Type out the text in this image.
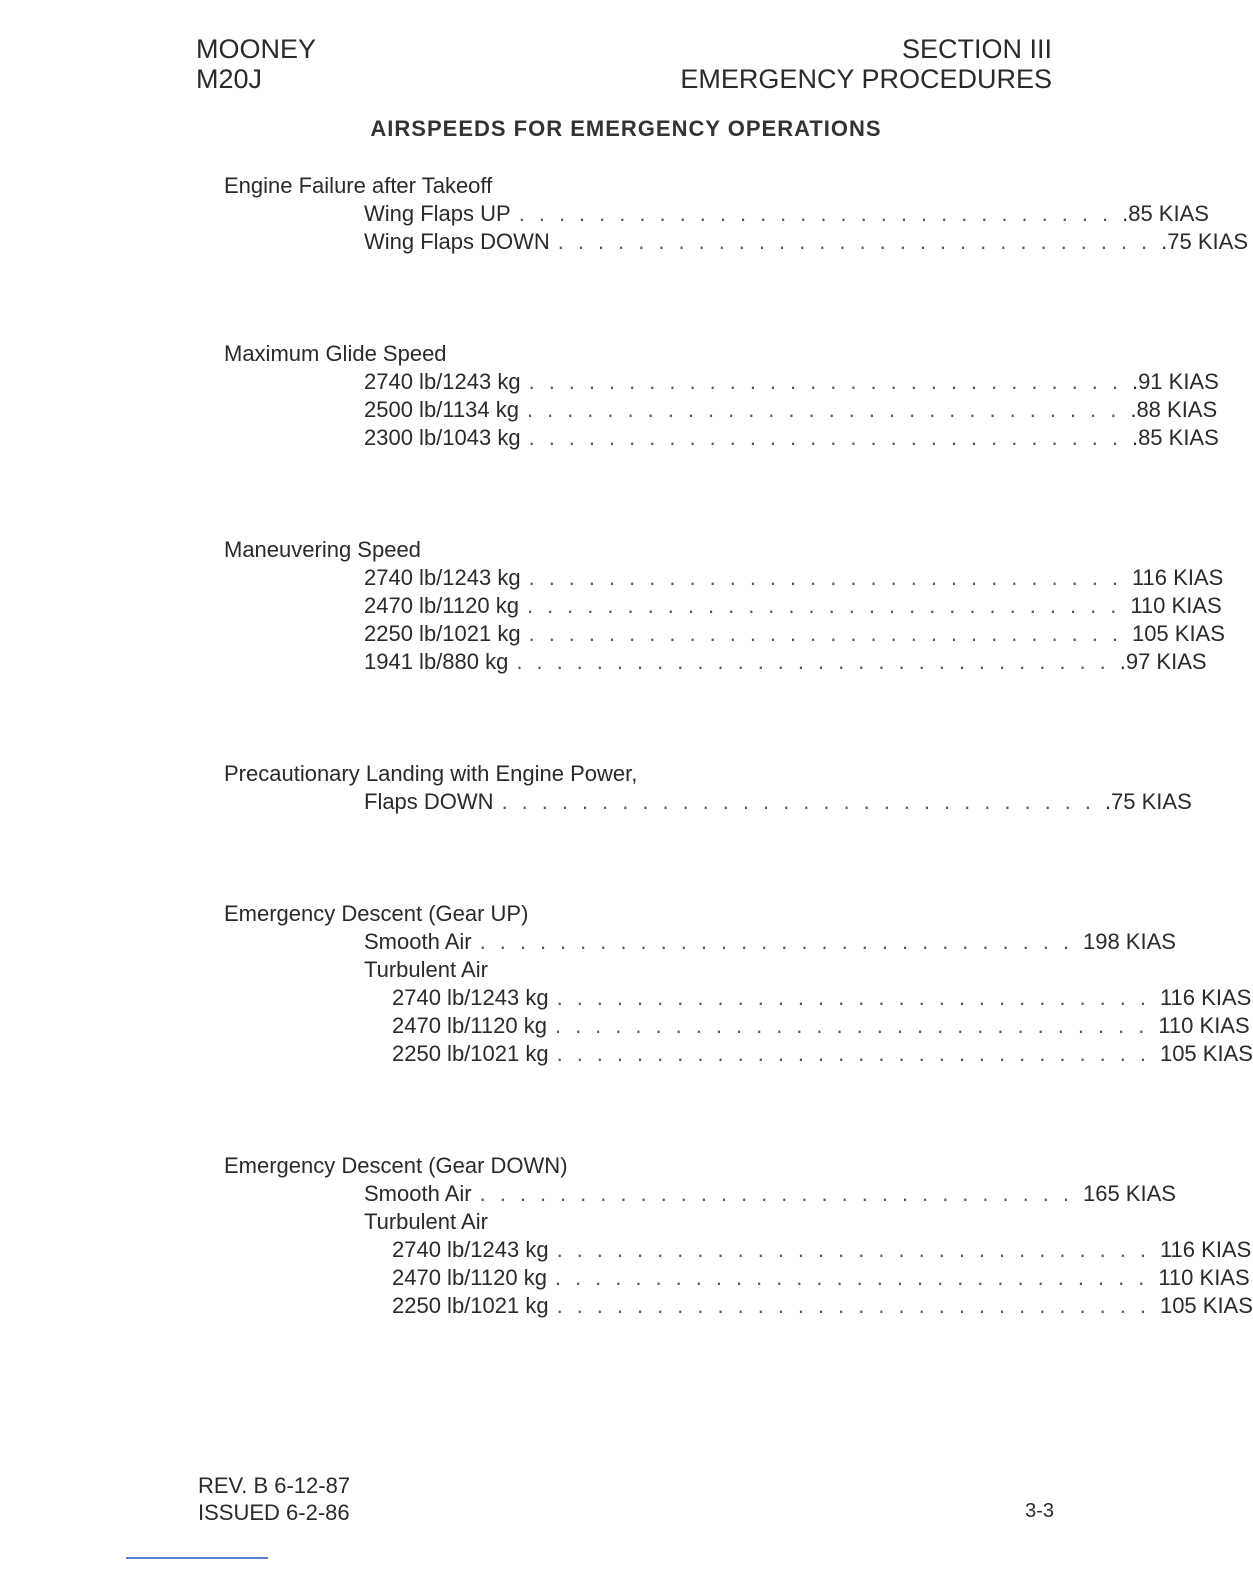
MOONEY
M20J
SECTION III
EMERGENCY PROCEDURES
AIRSPEEDS FOR EMERGENCY OPERATIONS
Engine Failure after Takeoff
Wing Flaps UP .............................. .85 KIAS
Wing Flaps DOWN .............................. .75 KIAS
Maximum Glide Speed
2740 lb/1243 kg .............................. .91 KIAS
2500 lb/1134 kg .............................. .88 KIAS
2300 lb/1043 kg .............................. .85 KIAS
Maneuvering Speed
2740 lb/1243 kg .............................. 116 KIAS
2470 lb/1120 kg .............................. 110 KIAS
2250 lb/1021 kg .............................. 105 KIAS
1941 lb/880 kg .............................. .97 KIAS
Precautionary Landing with Engine Power,
Flaps DOWN .............................. .75 KIAS
Emergency Descent (Gear UP)
Smooth Air .............................. 198 KIAS
Turbulent Air
2740 lb/1243 kg .............................. 116 KIAS
2470 lb/1120 kg .............................. 110 KIAS
2250 lb/1021 kg .............................. 105 KIAS
Emergency Descent (Gear DOWN)
Smooth Air .............................. 165 KIAS
Turbulent Air
2740 lb/1243 kg .............................. 116 KIAS
2470 lb/1120 kg .............................. 110 KIAS
2250 lb/1021 kg .............................. 105 KIAS
REV. B 6-12-87
ISSUED 6-2-86	3-3
